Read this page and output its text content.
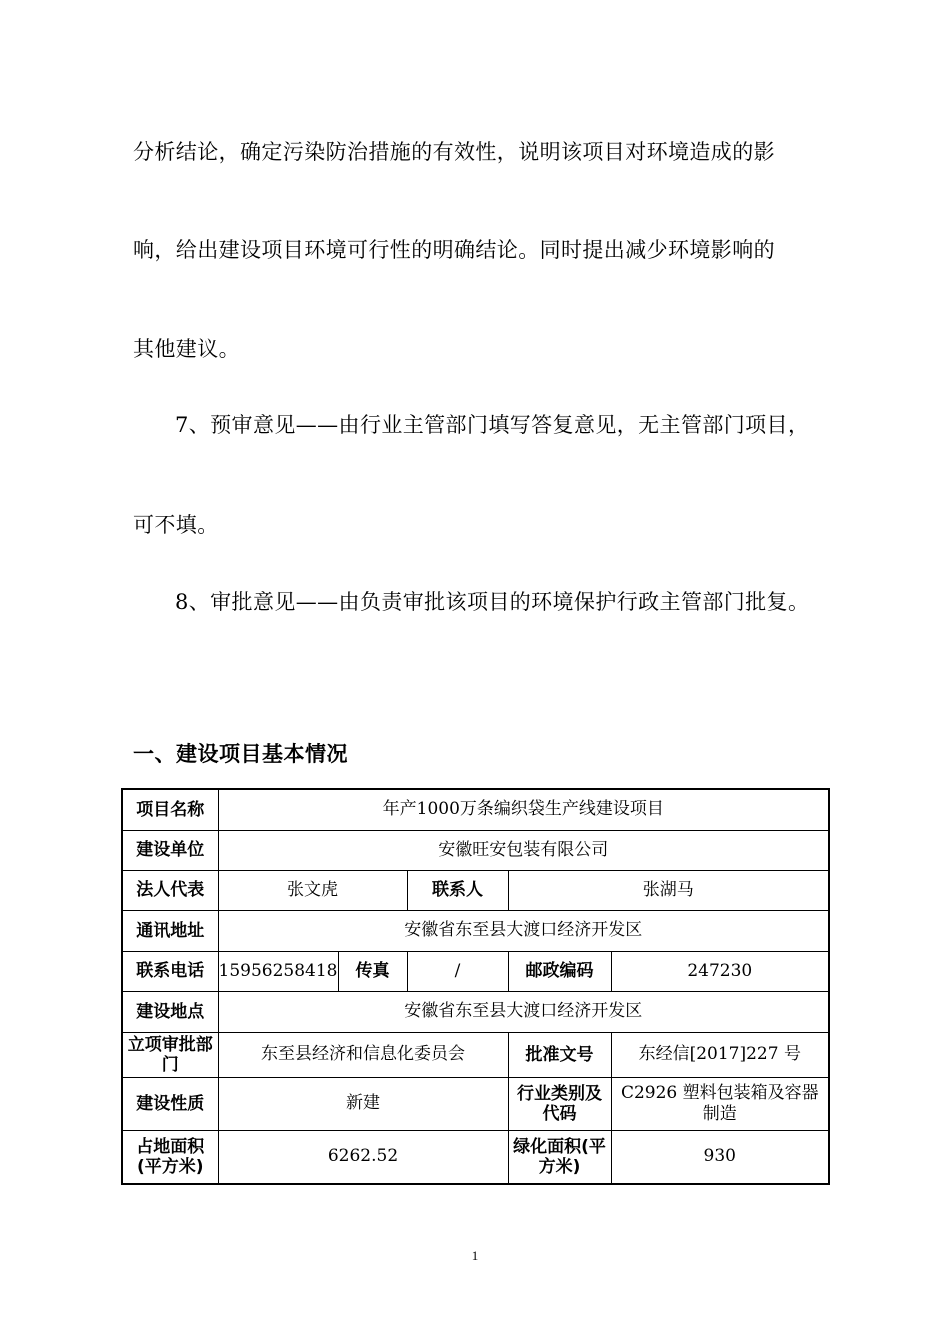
分析结论，确定污染防治措施的有效性，说明该项目对环境造成的影
响，给出建设项目环境可行性的明确结论。同时提出减少环境影响的
其他建议。
7、预审意见——由行业主管部门填写答复意见，无主管部门项目，
可不填。
8、审批意见——由负责审批该项目的环境保护行政主管部门批复。
一、建设项目基本情况
项目名称	年产1000万条编织袋生产线建设项目				
建设单位	安徽旺安包装有限公司				
法人代表	张文虎		联系人	张湖马	
通讯地址	安徽省东至县大渡口经济开发区				
联系电话	15956258418	传真	/	邮政编码	247230
建设地点	安徽省东至县大渡口经济开发区				
立项审批部门	东至县经济和信息化委员会			批准文号	东经信[2017]227 号
建设性质	新建			行业类别及代码	C2926 塑料包装箱及容器制造
占地面积(平方米)	6262.52			绿化面积(平方米)	930
1
